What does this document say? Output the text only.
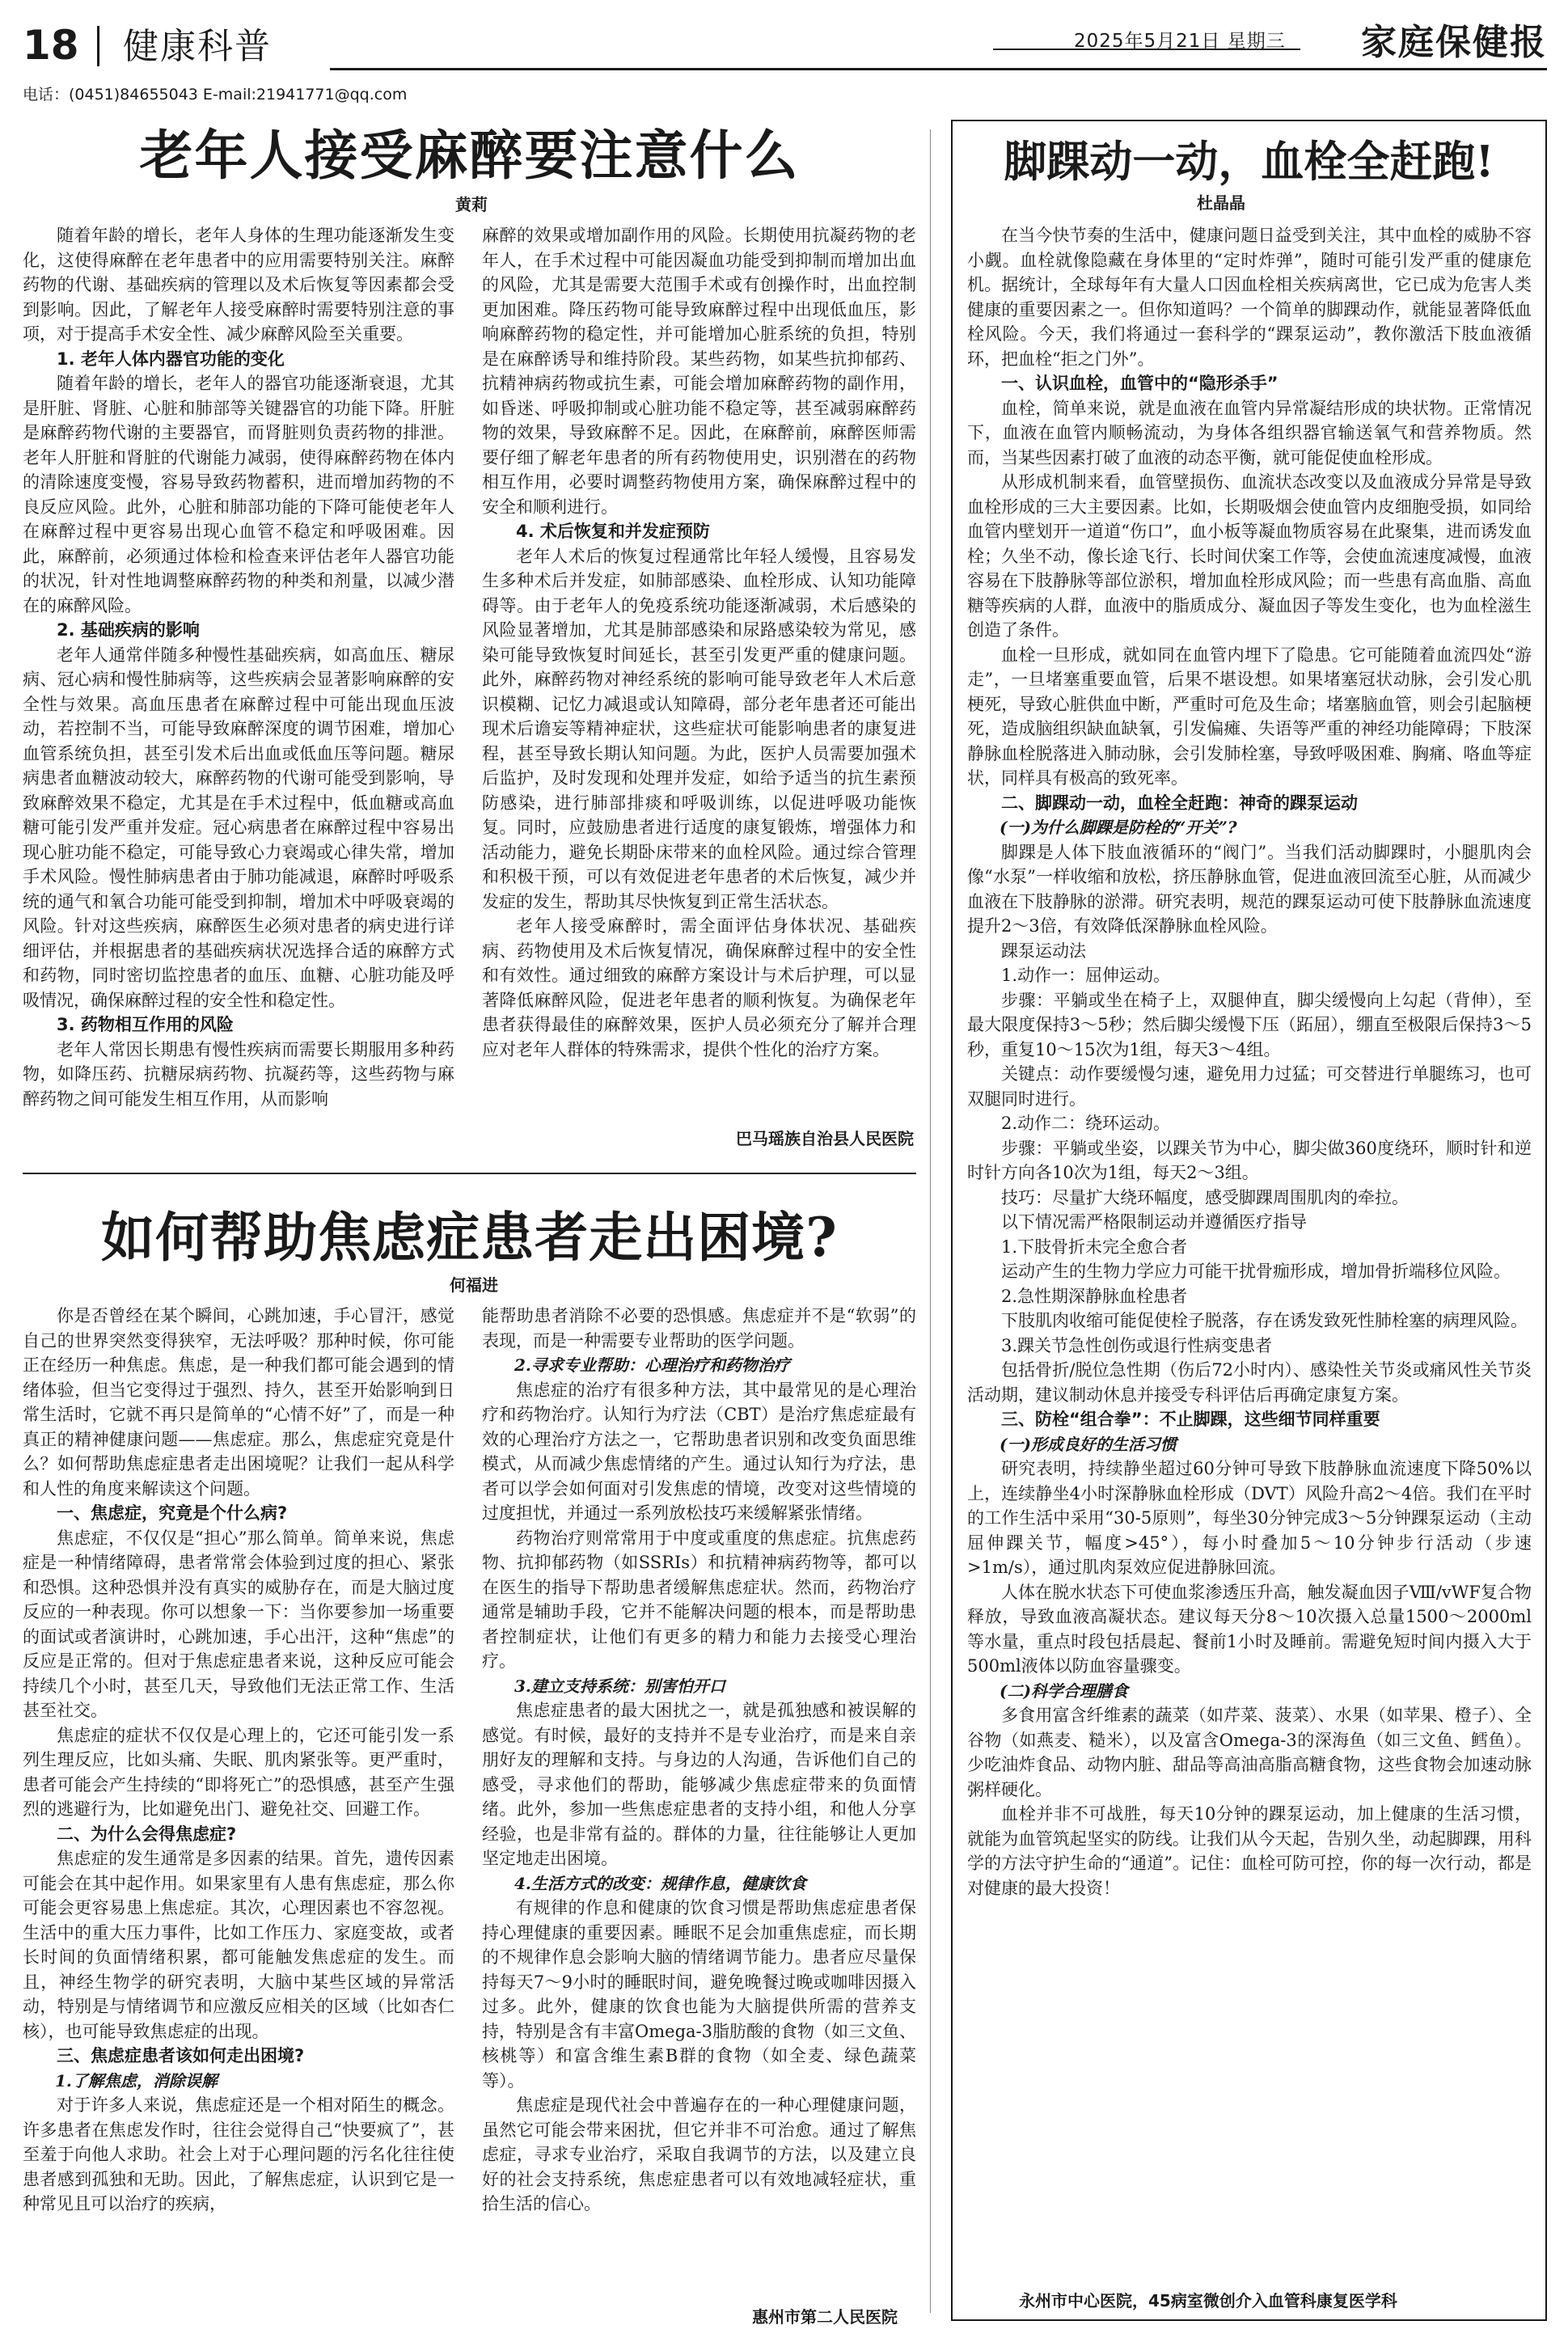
18 健康科普	2025年5月21日 星期三 家庭保健报
电话：(0451)84655043 E-mail:21941771@qq.com
老年人接受麻醉要注意什么
黄莉
随着年龄的增长，老年人身体的生理功能逐渐发生变化，这使得麻醉在老年患者中的应用需要特别关注。麻醉药物的代谢、基础疾病的管理以及术后恢复等因素都会受到影响。因此，了解老年人接受麻醉时需要特别注意的事项，对于提高手术安全性、减少麻醉风险至关重要。
1. 老年人体内器官功能的变化
随着年龄的增长，老年人的器官功能逐渐衰退，尤其是肝脏、肾脏、心脏和肺部等关键器官的功能下降。肝脏是麻醉药物代谢的主要器官，而肾脏则负责药物的排泄。老年人肝脏和肾脏的代谢能力减弱，使得麻醉药物在体内的清除速度变慢，容易导致药物蓄积，进而增加药物的不良反应风险。此外，心脏和肺部功能的下降可能使老年人在麻醉过程中更容易出现心血管不稳定和呼吸困难。因此，麻醉前，必须通过体检和检查来评估老年人器官功能的状况，针对性地调整麻醉药物的种类和剂量，以减少潜在的麻醉风险。
2. 基础疾病的影响
老年人通常伴随多种慢性基础疾病，如高血压、糖尿病、冠心病和慢性肺病等，这些疾病会显著影响麻醉的安全性与效果。高血压患者在麻醉过程中可能出现血压波动，若控制不当，可能导致麻醉深度的调节困难，增加心血管系统负担，甚至引发术后出血或低血压等问题。糖尿病患者血糖波动较大，麻醉药物的代谢可能受到影响，导致麻醉效果不稳定，尤其是在手术过程中，低血糖或高血糖可能引发严重并发症。冠心病患者在麻醉过程中容易出现心脏功能不稳定，可能导致心力衰竭或心律失常，增加手术风险。慢性肺病患者由于肺功能减退，麻醉时呼吸系统的通气和氧合功能可能受到抑制，增加术中呼吸衰竭的风险。针对这些疾病，麻醉医生必须对患者的病史进行详细评估，并根据患者的基础疾病状况选择合适的麻醉方式和药物，同时密切监控患者的血压、血糖、心脏功能及呼吸情况，确保麻醉过程的安全性和稳定性。
3. 药物相互作用的风险
老年人常因长期患有慢性疾病而需要长期服用多种药物，如降压药、抗糖尿病药物、抗凝药等，这些药物与麻醉药物之间可能发生相互作用，从而影响
麻醉的效果或增加副作用的风险。长期使用抗凝药物的老年人，在手术过程中可能因凝血功能受到抑制而增加出血的风险，尤其是需要大范围手术或有创操作时，出血控制更加困难。降压药物可能导致麻醉过程中出现低血压，影响麻醉药物的稳定性，并可能增加心脏系统的负担，特别是在麻醉诱导和维持阶段。某些药物，如某些抗抑郁药、抗精神病药物或抗生素，可能会增加麻醉药物的副作用，如昏迷、呼吸抑制或心脏功能不稳定等，甚至减弱麻醉药物的效果，导致麻醉不足。因此，在麻醉前，麻醉医师需要仔细了解老年患者的所有药物使用史，识别潜在的药物相互作用，必要时调整药物使用方案，确保麻醉过程中的安全和顺利进行。
4. 术后恢复和并发症预防
老年人术后的恢复过程通常比年轻人缓慢，且容易发生多种术后并发症，如肺部感染、血栓形成、认知功能障碍等。由于老年人的免疫系统功能逐渐减弱，术后感染的风险显著增加，尤其是肺部感染和尿路感染较为常见，感染可能导致恢复时间延长，甚至引发更严重的健康问题。此外，麻醉药物对神经系统的影响可能导致老年人术后意识模糊、记忆力减退或认知障碍，部分老年患者还可能出现术后谵妄等精神症状，这些症状可能影响患者的康复进程，甚至导致长期认知问题。为此，医护人员需要加强术后监护，及时发现和处理并发症，如给予适当的抗生素预防感染，进行肺部排痰和呼吸训练，以促进呼吸功能恢复。同时，应鼓励患者进行适度的康复锻炼，增强体力和活动能力，避免长期卧床带来的血栓风险。通过综合管理和积极干预，可以有效促进老年患者的术后恢复，减少并发症的发生，帮助其尽快恢复到正常生活状态。
老年人接受麻醉时，需全面评估身体状况、基础疾病、药物使用及术后恢复情况，确保麻醉过程中的安全性和有效性。通过细致的麻醉方案设计与术后护理，可以显著降低麻醉风险，促进老年患者的顺利恢复。为确保老年患者获得最佳的麻醉效果，医护人员必须充分了解并合理应对老年人群体的特殊需求，提供个性化的治疗方案。
巴马瑶族自治县人民医院
如何帮助焦虑症患者走出困境?
何福进
你是否曾经在某个瞬间，心跳加速，手心冒汗，感觉自己的世界突然变得狭窄，无法呼吸？那种时候，你可能正在经历一种焦虑。焦虑，是一种我们都可能会遇到的情绪体验，但当它变得过于强烈、持久，甚至开始影响到日常生活时，它就不再只是简单的“心情不好”了，而是一种真正的精神健康问题——焦虑症。那么，焦虑症究竟是什么？如何帮助焦虑症患者走出困境呢？让我们一起从科学和人性的角度来解读这个问题。
一、焦虑症，究竟是个什么病?
焦虑症，不仅仅是“担心”那么简单。简单来说，焦虑症是一种情绪障碍，患者常常会体验到过度的担心、紧张和恐惧。这种恐惧并没有真实的威胁存在，而是大脑过度反应的一种表现。你可以想象一下：当你要参加一场重要的面试或者演讲时，心跳加速，手心出汗，这种“焦虑”的反应是正常的。但对于焦虑症患者来说，这种反应可能会持续几个小时，甚至几天，导致他们无法正常工作、生活甚至社交。
焦虑症的症状不仅仅是心理上的，它还可能引发一系列生理反应，比如头痛、失眠、肌肉紧张等。更严重时，患者可能会产生持续的“即将死亡”的恐惧感，甚至产生强烈的逃避行为，比如避免出门、避免社交、回避工作。
二、为什么会得焦虑症?
焦虑症的发生通常是多因素的结果。首先，遗传因素可能会在其中起作用。如果家里有人患有焦虑症，那么你可能会更容易患上焦虑症。其次，心理因素也不容忽视。生活中的重大压力事件，比如工作压力、家庭变故，或者长时间的负面情绪积累，都可能触发焦虑症的发生。而且，神经生物学的研究表明，大脑中某些区域的异常活动，特别是与情绪调节和应激反应相关的区域（比如杏仁核），也可能导致焦虑症的出现。
三、焦虑症患者该如何走出困境?
1.了解焦虑，消除误解
对于许多人来说，焦虑症还是一个相对陌生的概念。许多患者在焦虑发作时，往往会觉得自己“快要疯了”，甚至羞于向他人求助。社会上对于心理问题的污名化往往使患者感到孤独和无助。因此，了解焦虑症，认识到它是一种常见且可以治疗的疾病，
能帮助患者消除不必要的恐惧感。焦虑症并不是“软弱”的表现，而是一种需要专业帮助的医学问题。
2.寻求专业帮助：心理治疗和药物治疗
焦虑症的治疗有很多种方法，其中最常见的是心理治疗和药物治疗。认知行为疗法（CBT）是治疗焦虑症最有效的心理治疗方法之一，它帮助患者识别和改变负面思维模式，从而减少焦虑情绪的产生。通过认知行为疗法，患者可以学会如何面对引发焦虑的情境，改变对这些情境的过度担忧，并通过一系列放松技巧来缓解紧张情绪。
药物治疗则常常用于中度或重度的焦虑症。抗焦虑药物、抗抑郁药物（如SSRIs）和抗精神病药物等，都可以在医生的指导下帮助患者缓解焦虑症状。然而，药物治疗通常是辅助手段，它并不能解决问题的根本，而是帮助患者控制症状，让他们有更多的精力和能力去接受心理治疗。
3.建立支持系统：别害怕开口
焦虑症患者的最大困扰之一，就是孤独感和被误解的感觉。有时候，最好的支持并不是专业治疗，而是来自亲朋好友的理解和支持。与身边的人沟通，告诉他们自己的感受，寻求他们的帮助，能够减少焦虑症带来的负面情绪。此外，参加一些焦虑症患者的支持小组，和他人分享经验，也是非常有益的。群体的力量，往往能够让人更加坚定地走出困境。
4.生活方式的改变：规律作息，健康饮食
有规律的作息和健康的饮食习惯是帮助焦虑症患者保持心理健康的重要因素。睡眠不足会加重焦虑症，而长期的不规律作息会影响大脑的情绪调节能力。患者应尽量保持每天7～9小时的睡眠时间，避免晚餐过晚或咖啡因摄入过多。此外，健康的饮食也能为大脑提供所需的营养支持，特别是含有丰富Omega-3脂肪酸的食物（如三文鱼、核桃等）和富含维生素B群的食物（如全麦、绿色蔬菜等）。
焦虑症是现代社会中普遍存在的一种心理健康问题，虽然它可能会带来困扰，但它并非不可治愈。通过了解焦虑症，寻求专业治疗，采取自我调节的方法，以及建立良好的社会支持系统，焦虑症患者可以有效地减轻症状，重拾生活的信心。
惠州市第二人民医院
脚踝动一动，血栓全赶跑!
杜晶晶
在当今快节奏的生活中，健康问题日益受到关注，其中血栓的威胁不容小觑。血栓就像隐藏在身体里的“定时炸弹”，随时可能引发严重的健康危机。据统计，全球每年有大量人口因血栓相关疾病离世，它已成为危害人类健康的重要因素之一。但你知道吗？一个简单的脚踝动作，就能显著降低血栓风险。今天，我们将通过一套科学的“踝泵运动”，教你激活下肢血液循环，把血栓“拒之门外”。
一、认识血栓，血管中的“隐形杀手”
血栓，简单来说，就是血液在血管内异常凝结形成的块状物。正常情况下，血液在血管内顺畅流动，为身体各组织器官输送氧气和营养物质。然而，当某些因素打破了血液的动态平衡，就可能促使血栓形成。
从形成机制来看，血管壁损伤、血流状态改变以及血液成分异常是导致血栓形成的三大主要因素。比如，长期吸烟会使血管内皮细胞受损，如同给血管内壁划开一道道“伤口”，血小板等凝血物质容易在此聚集，进而诱发血栓；久坐不动，像长途飞行、长时间伏案工作等，会使血流速度减慢，血液容易在下肢静脉等部位淤积，增加血栓形成风险；而一些患有高血脂、高血糖等疾病的人群，血液中的脂质成分、凝血因子等发生变化，也为血栓滋生创造了条件。
血栓一旦形成，就如同在血管内埋下了隐患。它可能随着血流四处“游走”，一旦堵塞重要血管，后果不堪设想。如果堵塞冠状动脉，会引发心肌梗死，导致心脏供血中断，严重时可危及生命；堵塞脑血管，则会引起脑梗死，造成脑组织缺血缺氧，引发偏瘫、失语等严重的神经功能障碍；下肢深静脉血栓脱落进入肺动脉，会引发肺栓塞，导致呼吸困难、胸痛、咯血等症状，同样具有极高的致死率。
二、脚踝动一动，血栓全赶跑：神奇的踝泵运动
(一)为什么脚踝是防栓的“开关”?
脚踝是人体下肢血液循环的“阀门”。当我们活动脚踝时，小腿肌肉会像“水泵”一样收缩和放松，挤压静脉血管，促进血液回流至心脏，从而减少血液在下肢静脉的淤滞。研究表明，规范的踝泵运动可使下肢静脉血流速度提升2～3倍，有效降低深静脉血栓风险。
踝泵运动法
1.动作一：屈伸运动。
步骤：平躺或坐在椅子上，双腿伸直，脚尖缓慢向上勾起（背伸），至最大限度保持3～5秒；然后脚尖缓慢下压（跖屈），绷直至极限后保持3～5秒，重复10～15次为1组，每天3～4组。
关键点：动作要缓慢匀速，避免用力过猛；可交替进行单腿练习，也可双腿同时进行。
2.动作二：绕环运动。
步骤：平躺或坐姿，以踝关节为中心，脚尖做360度绕环，顺时针和逆时针方向各10次为1组，每天2～3组。
技巧：尽量扩大绕环幅度，感受脚踝周围肌肉的牵拉。
以下情况需严格限制运动并遵循医疗指导
1.下肢骨折未完全愈合者
运动产生的生物力学应力可能干扰骨痂形成，增加骨折端移位风险。
2.急性期深静脉血栓患者
下肢肌肉收缩可能促使栓子脱落，存在诱发致死性肺栓塞的病理风险。
3.踝关节急性创伤或退行性病变患者
包括骨折/脱位急性期（伤后72小时内）、感染性关节炎或痛风性关节炎活动期，建议制动休息并接受专科评估后再确定康复方案。
三、防栓“组合拳”：不止脚踝，这些细节同样重要
(一)形成良好的生活习惯
研究表明，持续静坐超过60分钟可导致下肢静脉血流速度下降50%以上，连续静坐4小时深静脉血栓形成（DVT）风险升高2～4倍。我们在平时的工作生活中采用“30-5原则”，每坐30分钟完成3～5分钟踝泵运动（主动屈伸踝关节，幅度>45°），每小时叠加5～10分钟步行活动（步速>1m/s），通过肌肉泵效应促进静脉回流。
人体在脱水状态下可使血浆渗透压升高，触发凝血因子Ⅷ/vWF复合物释放，导致血液高凝状态。建议每天分8～10次摄入总量1500～2000ml等水量，重点时段包括晨起、餐前1小时及睡前。需避免短时间内摄入大于500ml液体以防血容量骤变。
(二)科学合理膳食
多食用富含纤维素的蔬菜（如芹菜、菠菜）、水果（如苹果、橙子）、全谷物（如燕麦、糙米），以及富含Omega-3的深海鱼（如三文鱼、鳕鱼）。少吃油炸食品、动物内脏、甜品等高油高脂高糖食物，这些食物会加速动脉粥样硬化。
血栓并非不可战胜，每天10分钟的踝泵运动，加上健康的生活习惯，就能为血管筑起坚实的防线。让我们从今天起，告别久坐，动起脚踝，用科学的方法守护生命的“通道”。记住：血栓可防可控，你的每一次行动，都是对健康的最大投资！
永州市中心医院，45病室微创介入血管科康复医学科
